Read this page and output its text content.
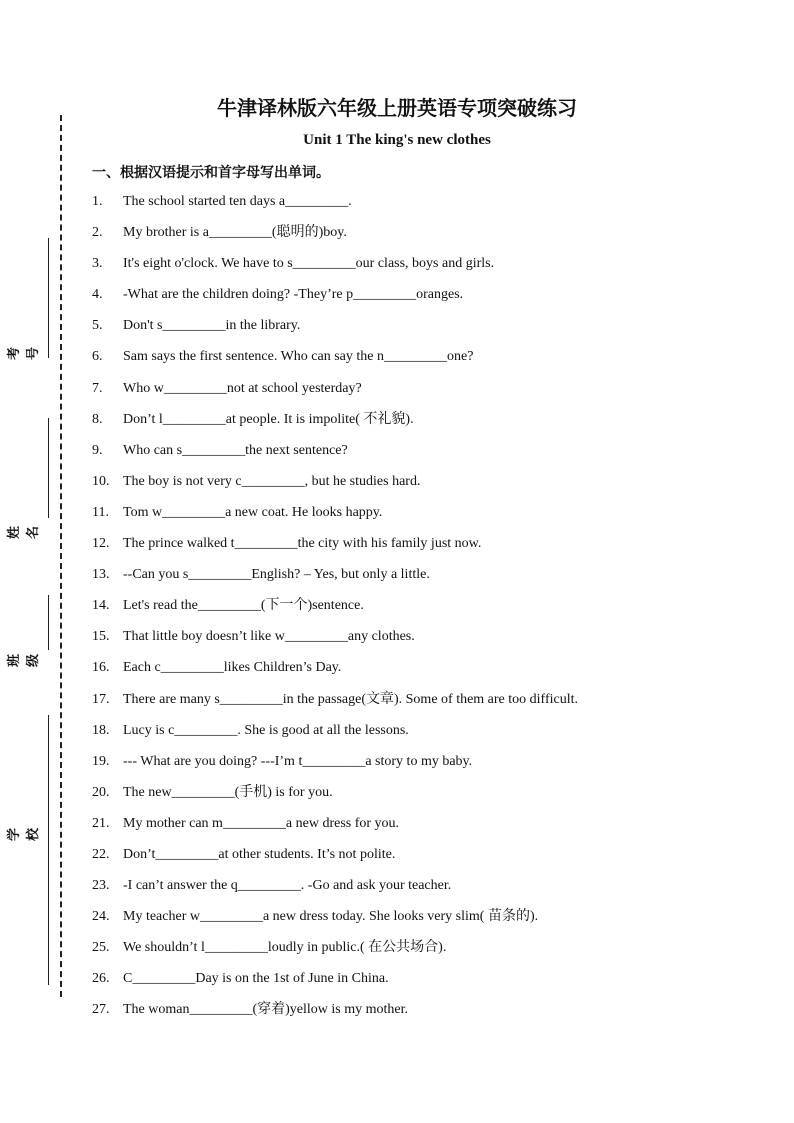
考号
姓名
班级
学校
牛津译林版六年级上册英语专项突破练习
Unit 1 The king's new clothes
一、根据汉语提示和首字母写出单词。
1. The school started ten days a_________.
2. My brother is a_________(聪明的)boy.
3. It's eight o'clock. We have to s_________our class, boys and girls.
4. -What are the children doing? -They’re p_________oranges.
5. Don't s_________in the library.
6. Sam says the first sentence. Who can say the n_________one?
7. Who w_________not at school yesterday?
8. Don’t l_________at people. It is impolite( 不礼貌).
9. Who can s_________the next sentence?
10. The boy is not very c_________, but he studies hard.
11. Tom w_________a new coat. He looks happy.
12. The prince walked t_________the city with his family just now.
13. --Can you s_________English? – Yes, but only a little.
14. Let's read the_________(下一个)sentence.
15. That little boy doesn’t like w_________any clothes.
16. Each c_________likes Children’s Day.
17. There are many s_________in the passage(文章). Some of them are too difficult.
18. Lucy is c_________. She is good at all the lessons.
19. --- What are you doing? ---I’m t_________a story to my baby.
20. The new_________(手机) is for you.
21. My mother can m_________a new dress for you.
22. Don’t_________at other students. It’s not polite.
23. -I can’t answer the q_________. -Go and ask your teacher.
24. My teacher w_________a new dress today. She looks very slim( 苗条的).
25. We shouldn’t l_________loudly in public.( 在公共场合).
26. C_________Day is on the 1st of June in China.
27. The woman_________(穿着)yellow is my mother.
